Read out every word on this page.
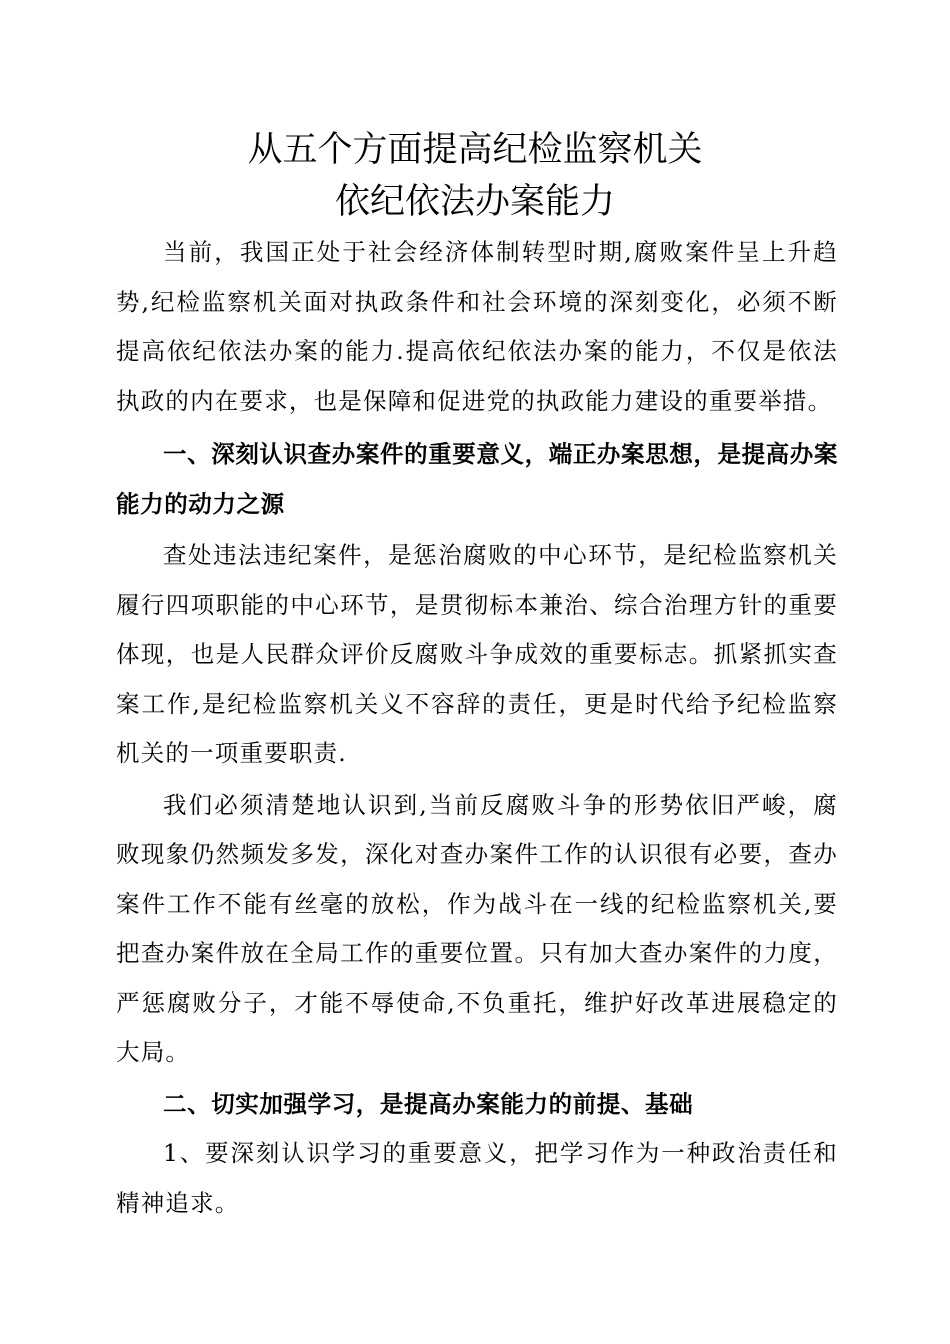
从五个方面提高纪检监察机关
依纪依法办案能力

当前，我国正处于社会经济体制转型时期,腐败案件呈上升趋势,纪检监察机关面对执政条件和社会环境的深刻变化，必须不断提高依纪依法办案的能力.提高依纪依法办案的能力，不仅是依法执政的内在要求，也是保障和促进党的执政能力建设的重要举措。

一、深刻认识查办案件的重要意义，端正办案思想，是提高办案能力的动力之源

查处违法违纪案件，是惩治腐败的中心环节，是纪检监察机关履行四项职能的中心环节，是贯彻标本兼治、综合治理方针的重要体现，也是人民群众评价反腐败斗争成效的重要标志。抓紧抓实查案工作,是纪检监察机关义不容辞的责任，更是时代给予纪检监察机关的一项重要职责.

我们必须清楚地认识到,当前反腐败斗争的形势依旧严峻，腐败现象仍然频发多发，深化对查办案件工作的认识很有必要，查办案件工作不能有丝毫的放松，作为战斗在一线的纪检监察机关,要把查办案件放在全局工作的重要位置。只有加大查办案件的力度，严惩腐败分子，才能不辱使命,不负重托，维护好改革进展稳定的大局。

二、切实加强学习，是提高办案能力的前提、基础

1、要深刻认识学习的重要意义，把学习作为一种政治责任和精神追求。
